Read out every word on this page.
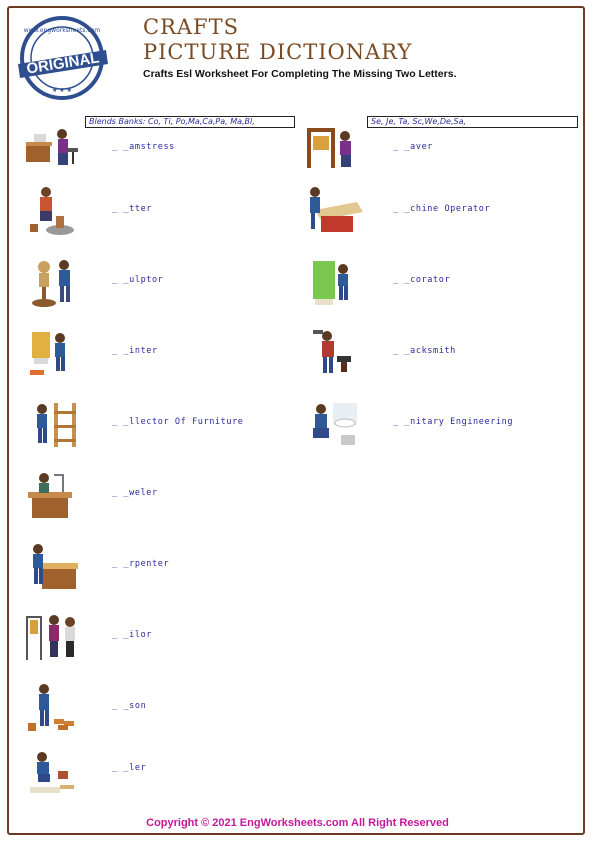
ORIGINAL
www.engworksheets.com
★ ★ ★
CRAFTS
PICTURE DICTIONARY
Crafts Esl Worksheet For Completing The Missing Two Letters.
Blends Banks: Co, Ti, Po,Ma,Ca,Pa, Ma,Bl,	Se, Je, Ta, Sc,We,De,Sa,
_ _amstress
_ _tter
_ _ulptor
_ _inter
_ _llector Of Furniture
_ _weler
_ _rpenter
_ _ilor
_ _son
_ _ler
_ _aver
_ _chine Operator
_ _corator
_ _acksmith
_ _nitary Engineering
Copyright © 2021 EngWorksheets.com All Right Reserved
